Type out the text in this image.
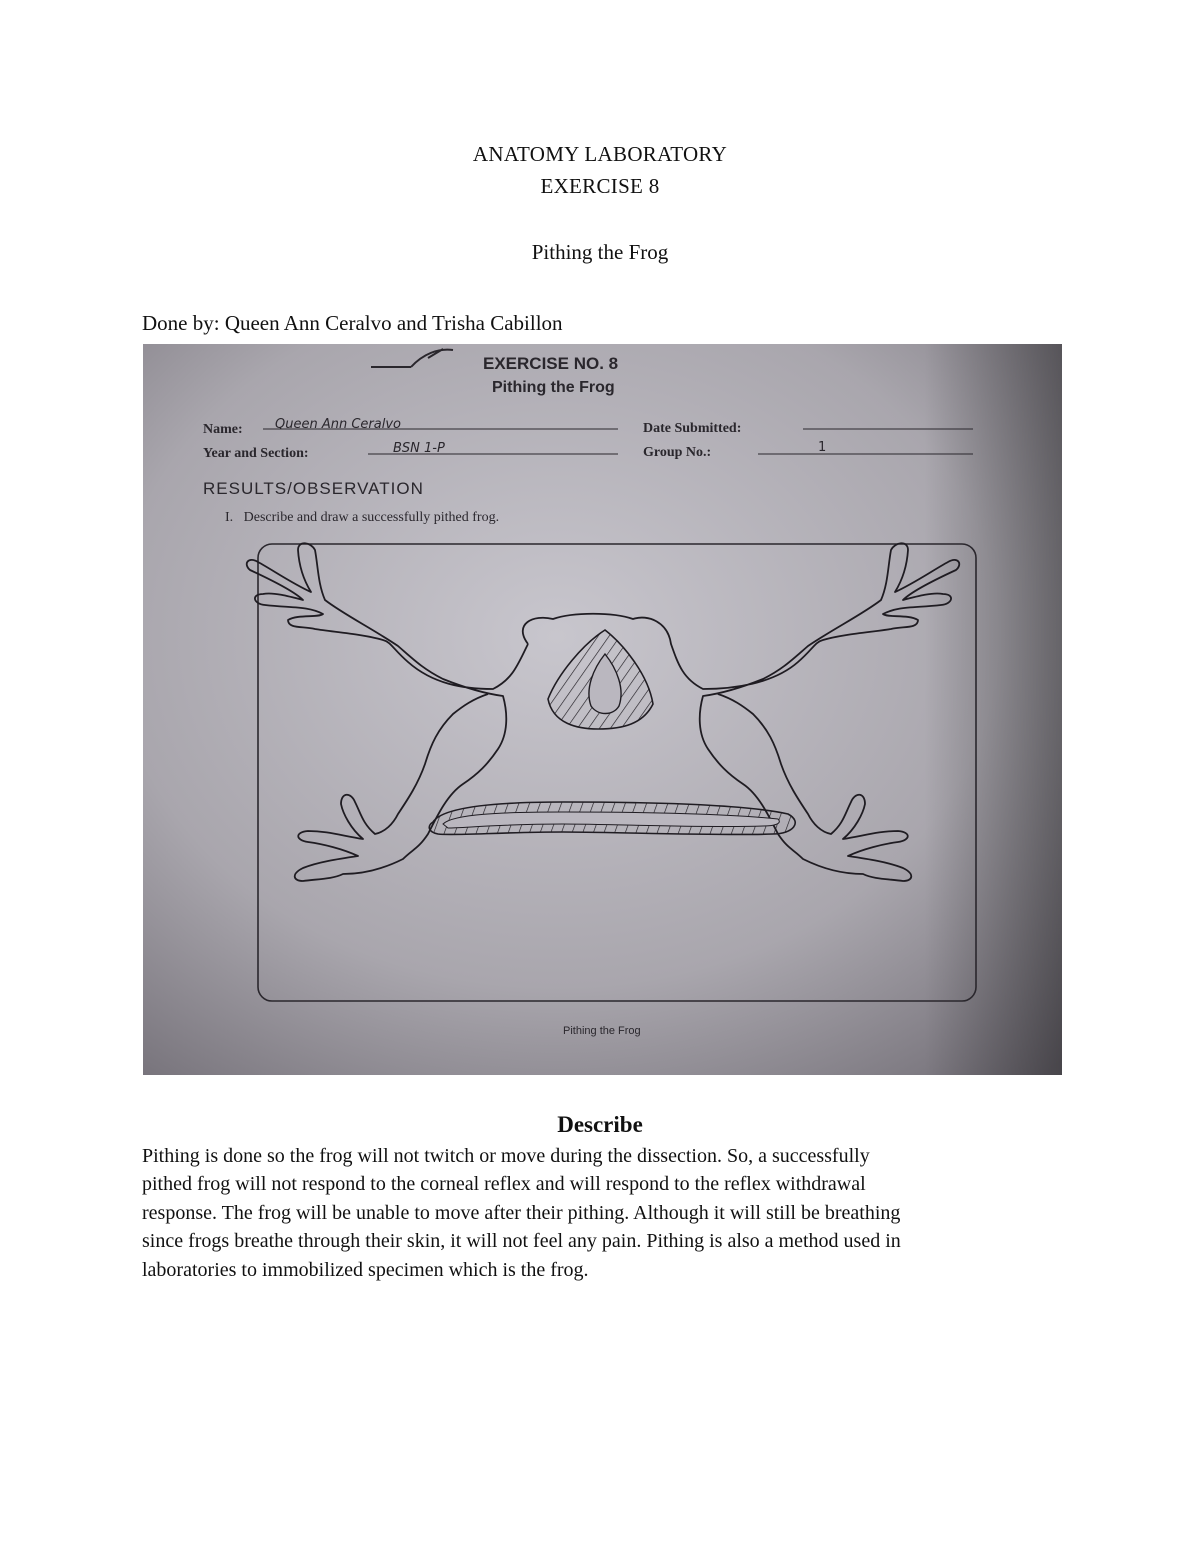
ANATOMY LABORATORY
EXERCISE 8
Pithing the Frog
Done by: Queen Ann Ceralvo and Trisha Cabillon
EXERCISE NO. 8
Pithing the Frog
Name: Queen Ann Ceralvo	Date Submitted:
Year and Section:	BSN 1-P	Group No.:	1
RESULTS/OBSERVATION
I.   Describe and draw a successfully pithed frog.
Pithing the Frog
Describe

Pithing is done so the frog will not twitch or move during the dissection. So, a successfully

pithed frog will not respond to the corneal reflex and will respond to the reflex withdrawal

response. The frog will be unable to move after their pithing. Although it will still be breathing

since frogs breathe through their skin, it will not feel any pain. Pithing is also a method used in

laboratories to immobilized specimen which is the frog.
